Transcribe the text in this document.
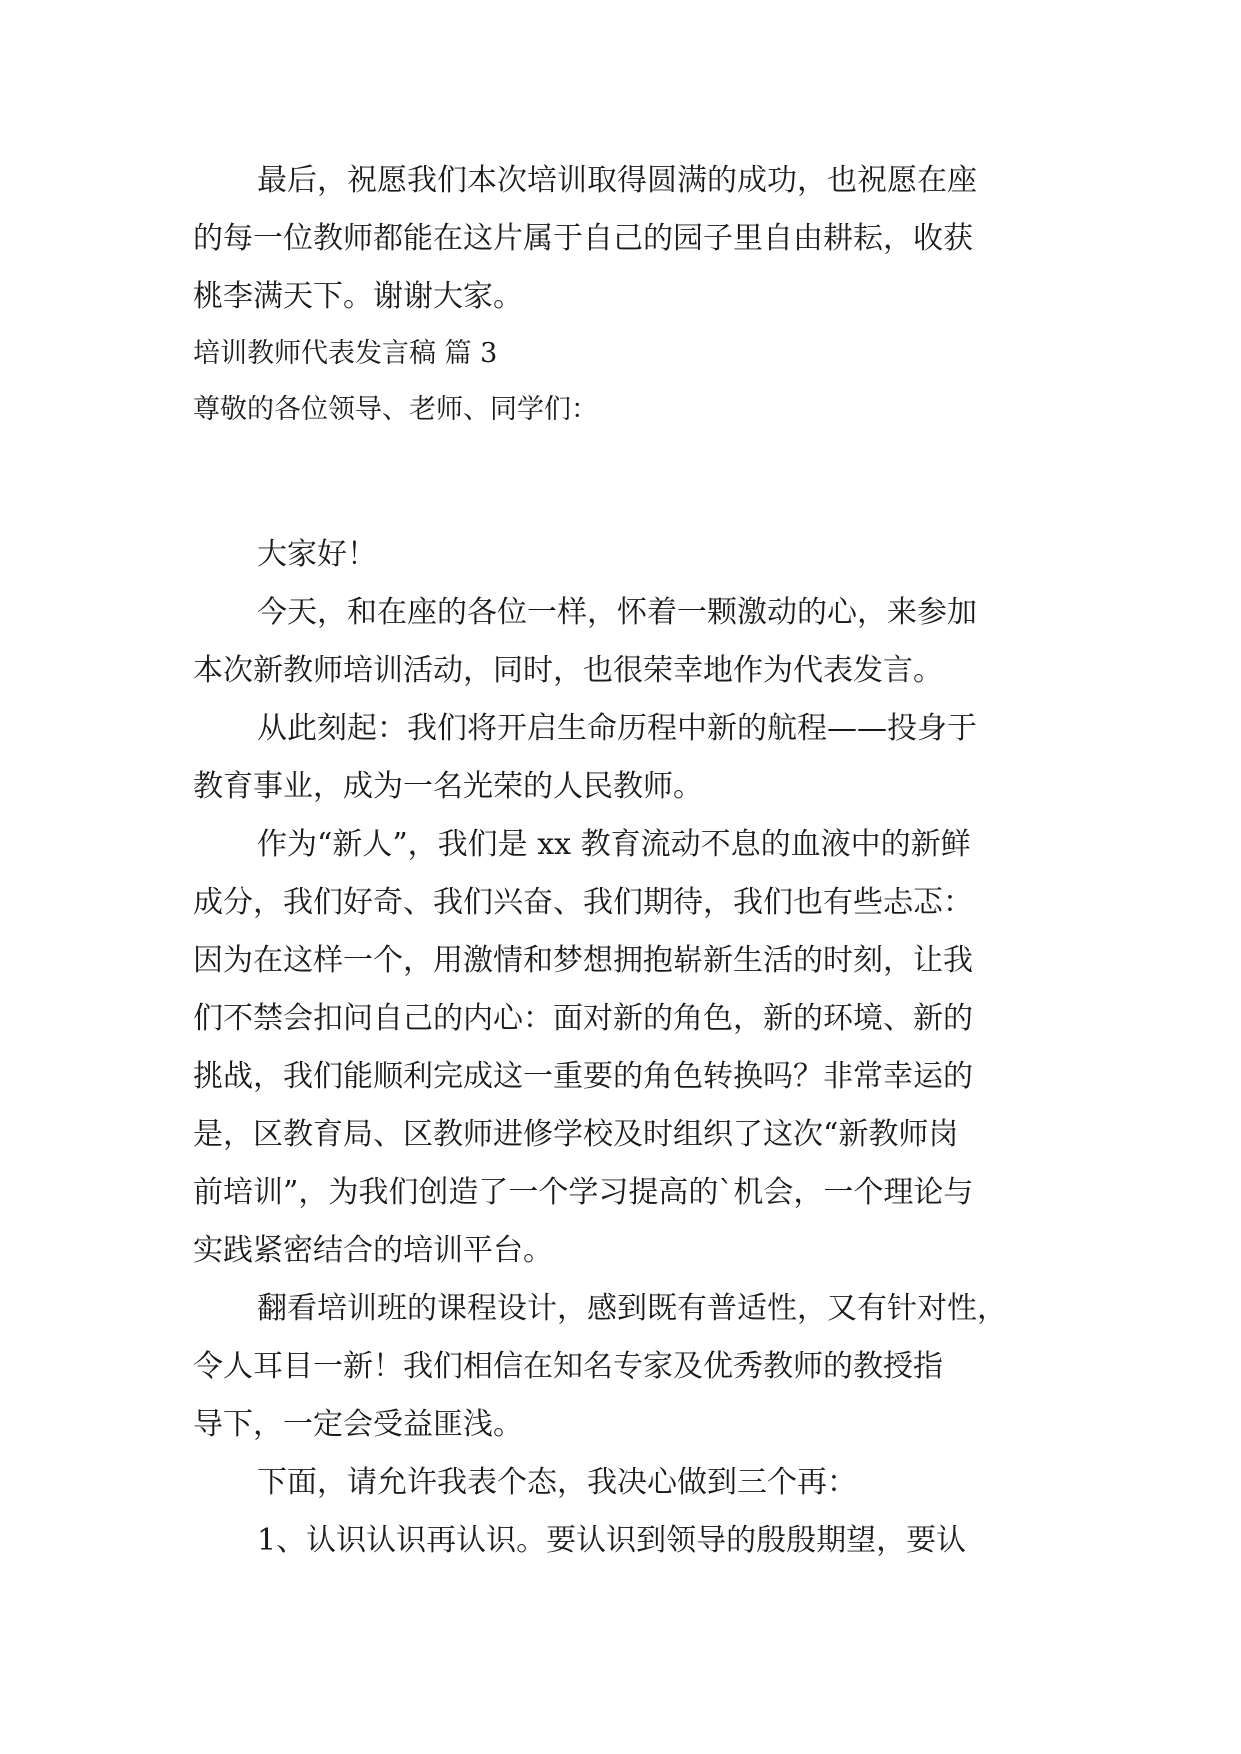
最后，祝愿我们本次培训取得圆满的成功，也祝愿在座
的每一位教师都能在这片属于自己的园子里自由耕耘，收获
桃李满天下。谢谢大家。
培训教师代表发言稿 篇 3
尊敬的各位领导、老师、同学们：
大家好！
今天，和在座的各位一样，怀着一颗激动的心，来参加
本次新教师培训活动，同时，也很荣幸地作为代表发言。
从此刻起：我们将开启生命历程中新的航程——投身于
教育事业，成为一名光荣的人民教师。
作为“新人”，我们是 xx 教育流动不息的血液中的新鲜
成分，我们好奇、我们兴奋、我们期待，我们也有些忐忑：
因为在这样一个，用激情和梦想拥抱崭新生活的时刻，让我
们不禁会扣问自己的内心：面对新的角色，新的环境、新的
挑战，我们能顺利完成这一重要的角色转换吗？非常幸运的
是，区教育局、区教师进修学校及时组织了这次“新教师岗
前培训”，为我们创造了一个学习提高的`机会，一个理论与
实践紧密结合的培训平台。
翻看培训班的课程设计，感到既有普适性，又有针对性，
令人耳目一新！我们相信在知名专家及优秀教师的教授指
导下，一定会受益匪浅。
下面，请允许我表个态，我决心做到三个再：
1、认识认识再认识。要认识到领导的殷殷期望，要认
